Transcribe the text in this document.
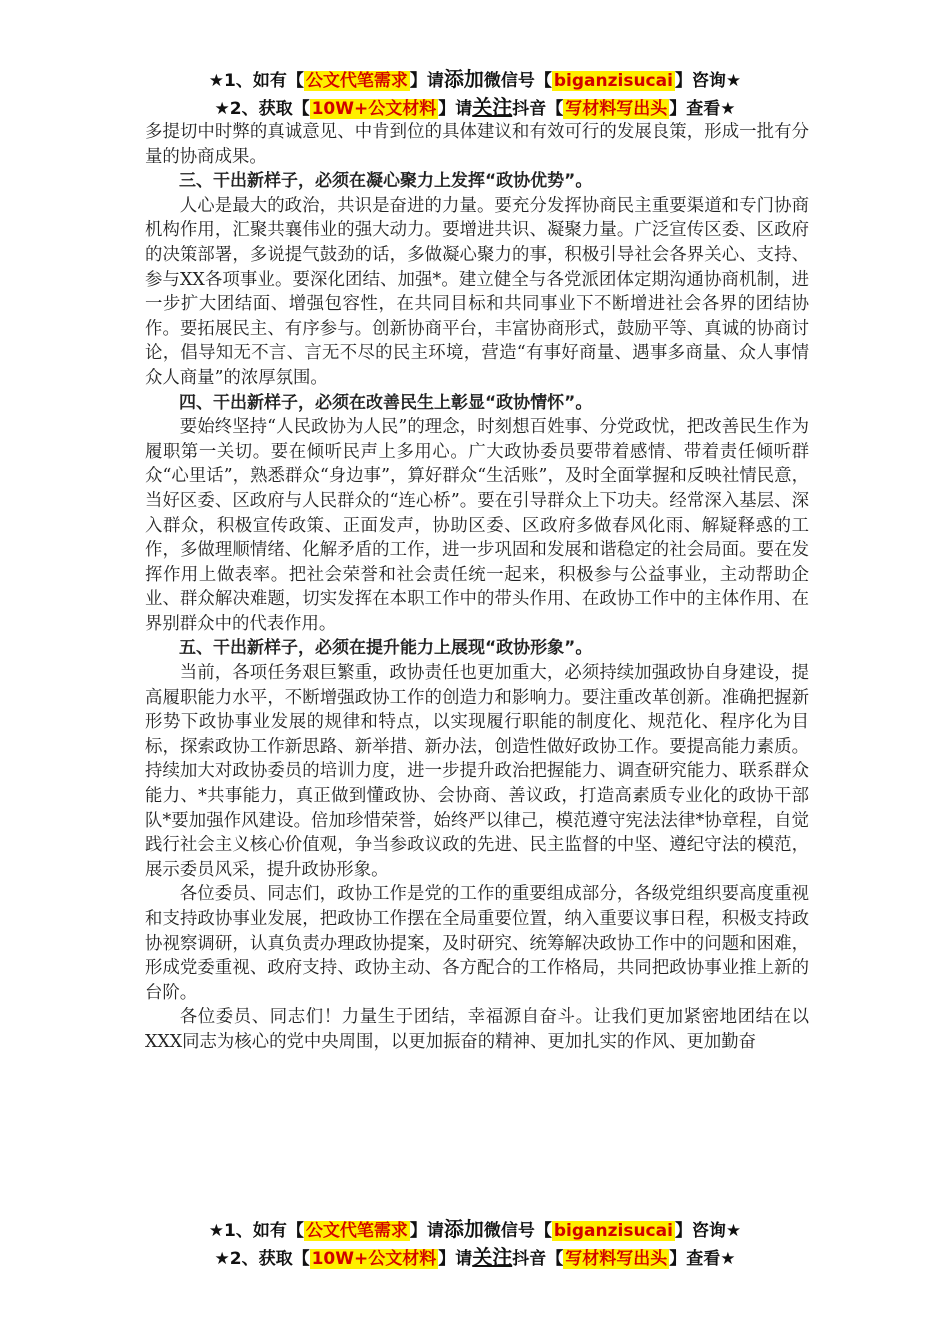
★1、如有【 公文代笔需求 】请添加微信号【 biganzisucai 】咨询★
★2、获取【 10W+公文材料 】请关注抖音【 写材料写出头 】查看★

多提切中时弊的真诚意见、中肯到位的具体建议和有效可行的发展良策，形成一批有分量的协商成果。

三、干出新样子，必须在凝心聚力上发挥“政协优势”。

人心是最大的政治，共识是奋进的力量。要充分发挥协商民主重要渠道和专门协商机构作用，汇聚共襄伟业的强大动力。要增进共识、凝聚力量。广泛宣传区委、区政府的决策部署，多说提气鼓劲的话，多做凝心聚力的事，积极引导社会各界关心、支持、参与XX各项事业。要深化团结、加强*。建立健全与各党派团体定期沟通协商机制，进一步扩大团结面、增强包容性，在共同目标和共同事业下不断增进社会各界的团结协作。要拓展民主、有序参与。创新协商平台，丰富协商形式，鼓励平等、真诚的协商讨论，倡导知无不言、言无不尽的民主环境，营造“有事好商量、遇事多商量、众人事情众人商量”的浓厚氛围。

四、干出新样子，必须在改善民生上彰显“政协情怀”。

要始终坚持“人民政协为人民”的理念，时刻想百姓事、分党政忧，把改善民生作为履职第一关切。要在倾听民声上多用心。广大政协委员要带着感情、带着责任倾听群众“心里话”，熟悉群众“身边事”，算好群众“生活账”，及时全面掌握和反映社情民意，当好区委、区政府与人民群众的“连心桥”。要在引导群众上下功夫。经常深入基层、深入群众，积极宣传政策、正面发声，协助区委、区政府多做春风化雨、解疑释惑的工作，多做理顺情绪、化解矛盾的工作，进一步巩固和发展和谐稳定的社会局面。要在发挥作用上做表率。把社会荣誉和社会责任统一起来，积极参与公益事业，主动帮助企业、群众解决难题，切实发挥在本职工作中的带头作用、在政协工作中的主体作用、在界别群众中的代表作用。

五、干出新样子，必须在提升能力上展现“政协形象”。

当前，各项任务艰巨繁重，政协责任也更加重大，必须持续加强政协自身建设，提高履职能力水平，不断增强政协工作的创造力和影响力。要注重改革创新。准确把握新形势下政协事业发展的规律和特点，以实现履行职能的制度化、规范化、程序化为目标，探索政协工作新思路、新举措、新办法，创造性做好政协工作。要提高能力素质。持续加大对政协委员的培训力度，进一步提升政治把握能力、调查研究能力、联系群众能力、*共事能力，真正做到懂政协、会协商、善议政，打造高素质专业化的政协干部队*要加强作风建设。倍加珍惜荣誉，始终严以律己，模范遵守宪法法律*协章程，自觉践行社会主义核心价值观，争当参政议政的先进、民主监督的中坚、遵纪守法的模范，展示委员风采，提升政协形象。

各位委员、同志们，政协工作是党的工作的重要组成部分，各级党组织要高度重视和支持政协事业发展，把政协工作摆在全局重要位置，纳入重要议事日程，积极支持政协视察调研，认真负责办理政协提案，及时研究、统筹解决政协工作中的问题和困难，形成党委重视、政府支持、政协主动、各方配合的工作格局，共同把政协事业推上新的台阶。

各位委员、同志们！力量生于团结，幸福源自奋斗。让我们更加紧密地团结在以XXX同志为核心的党中央周围，以更加振奋的精神、更加扎实的作风、更加勤奋

★1、如有【 公文代笔需求 】请添加微信号【 biganzisucai 】咨询★
★2、获取【 10W+公文材料 】请关注抖音【 写材料写出头 】查看★
